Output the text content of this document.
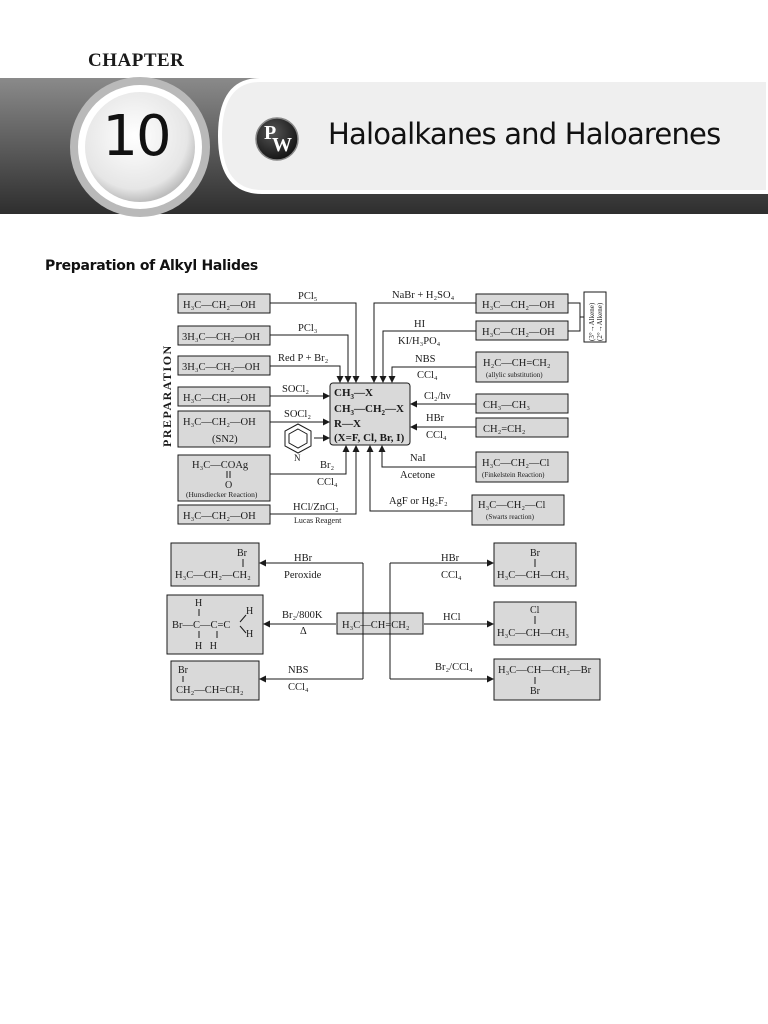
CHAPTER
10	P
W Haloalkanes and Haloarenes
Preparation of Alkyl Halides
PREPARATION	$CH_3—X$
$CH_3—CH_2—X$
R—X
(X=F, Cl, Br, I)
H₃C—CH₂—OH
PCl₅
3H₃C—CH₂—OH
PCl₃
3H₃C—CH₂—OH
Red P + Br₂
H₃C—CH₂—OH
SOCl₂
H₃C—CH₂—OH
(SN2)
SOCl₂
N
H₃C—COAg
O
(Hunsdiecker Reaction)
Br₂
CCl₄
H₃C—CH₂—OH
HCl/ZnCl₂
Lucas Reagent
NaBr + H₂SO₄
H₃C—CH₂—OH
HI
KI/H₃PO₄
H₃C—CH₂—OH	(3°→Alkene) (2°→Alkene)
NBS
CCl₄
H₂C—CH=CH₂
(allylic substitution)
Cl₂/hν
CH₃—CH₃
HBr
CCl₄
CH₂=CH₂
NaI
Acetone
H₃C—CH₂—Cl
(Finkelstein Reaction)
AgF or Hg₂F₂	H₃C—CH₂—Cl
(Swarts reaction)
H₃C—CH=CH₂
Br
H₃C—CH₂—CH₂
HBr
Peroxide
H
Br—C—C=C
H   H
H
H
Br₂/800K
Δ
Br
CH₂—CH=CH₂
NBS
CCl₄
HBr
CCl₄
Br
H₃C—CH—CH₃
HCl
Cl
H₃C—CH—CH₃
Br₂/CCl₄ H₃C—CH—CH₂—Br
Br
